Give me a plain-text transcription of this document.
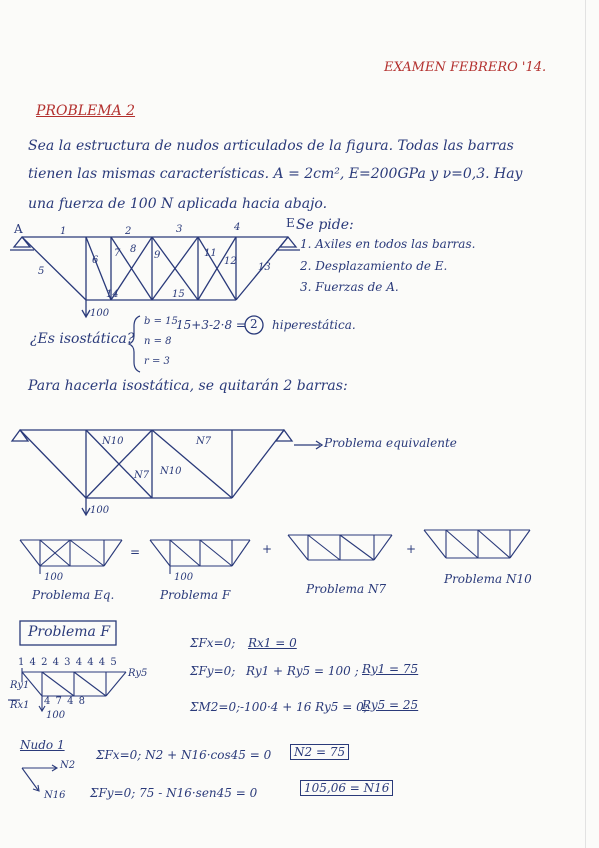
EXAMEN FEBRERO '14.
PROBLEMA 2
Sea la estructura de nudos articulados de la figura. Todas las barras
tienen las mismas características. A = 2cm², E=200GPa y ν=0,3. Hay
una fuerza de 100 N aplicada hacia abajo.
A	E
1	2	3	4
5
6
7 8
9	11
12
13
14	15
100
Se pide:
1. Axiles en todos las barras.
2. Desplazamiento de E.
3. Fuerzas de A.
¿Es isostática?
b = 15
n = 8
r = 3
15+3-2·8 = 2 hiperestática.
Para hacerla isostática, se quitarán 2 barras:
Problema equivalente
N10	N7
N7 N10
100
=	+	+
100	100
Problema Eq.	Problema F	Problema N7
Problema N10
Problema F
1 4 2 4 3 4 4 4 5
4 7 4 8
Ry1
Rx1
Ry5
100
ΣFx=0; Rx1 = 0
ΣFy=0; Ry1 + Ry5 = 100 ; Ry1 = 75
ΣM2=0; -100·4 + 16 Ry5 = 0;
Ry5 = 25
Nudo 1
N2
N16
ΣFx=0; N2 + N16·cos45 = 0	N2 = 75
ΣFy=0; 75 - N16·sen45 = 0	105,06 = N16
